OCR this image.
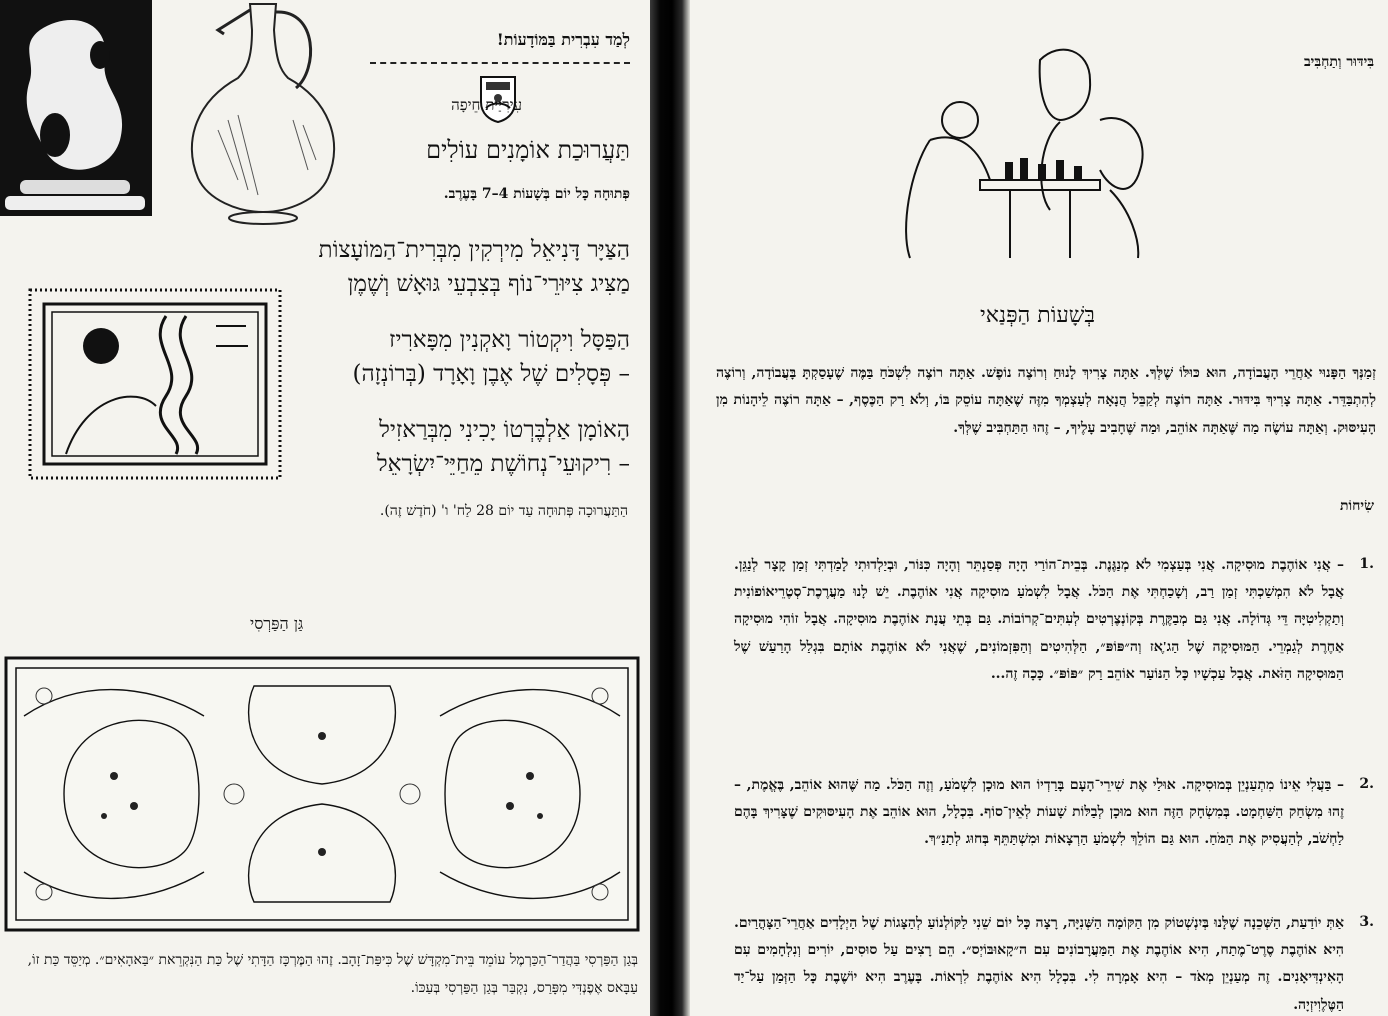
לְמַד עִבְרִית בַּמּוֹדָעוֹת!
עִירִיַּית חֵיפָה
תַּעֲרוּכַת אוֹמָנִים עוֹלִים
פְּתוּחָה כָּל יוֹם בְּשָׁעוֹת 4–7 בָּעֶרֶב.
הַצַּיָּר דָּנִיאֵל מִירְקִין מִבְּרִית־הַמּוֹעָצוֹת
מַצִּיג צִיּוּרֵי־נוֹף בְּצִבְעֵי גּוּאָשׁ וְשֶׁמֶן
הַפַּסָּל וִיקְטוֹר וָאקְנִין מִפָּארִיז
– פְּסָלִים שֶׁל אֶבֶן וָאָרָד (בְּרוֹנְזָה)
הָאוֹמָן אַלְבֶּרְטוֹ יָכִינִי מִבְּרַאזִיל
– רִיקוּעֵי־נְחוֹשֶׁת מֵחַיֵּי־יִשְׂרָאֵל
הַתַּעֲרוּכָה פְּתוּחָה עַד יוֹם 28 לַח' ו' (חֹדֶשׁ זֶה).
גַּן הַפַּרְסִי
בְּגַן הַפַּרְסִי בַּהֲדַר־הַכַּרְמֶל עוֹמֵד בֵּית־מִקְדָּשׁ שֶׁל כִּיפַּת־זָהָב. זֶהוּ הַמֶּרְכָּז הַדָּתִי שֶׁל כַּת הַנִּקְרֵאת ״בַּאהָאִים״. מְיַסֵּד כַּת זוֹ, עַבָּאס אֶפֶנְדִּי מִפָּרַס, נִקְבַּר בְּגַן הַפַּרְסִי בְּעַכּוֹ.
בִּידּוּר וְתַחְבִּיב
בְּשָׁעוֹת הַפְּנַאי
זְמַנְּךָ הַפָּנוּי אַחֲרֵי הָעֲבוֹדָה, הוּא כּוּלּוֹ שֶׁלְּךָ. אַתָּה צָרִיךְ לָנוּחַ וְרוֹצֶה נוֹפֶשׁ. אַתָּה רוֹצֶה לִשְׁכֹּחַ בַּמֶּה שֶׁעָסַקְתָּ בָּעֲבוֹדָה, וְרוֹצֶה לְהִתְבַּדֵּר. אַתָּה צָרִיךְ בִּידּוּר. אַתָּה רוֹצֶה לְקַבֵּל הֲנָאָה לְעַצְמְךָ מִזֶּה שֶׁאַתָּה עוֹסֵק בּוֹ, וְלֹא רַק הַכֶּסֶף, – אַתָּה רוֹצֶה לֵיהָנוֹת מִן הָעִיסּוּק. וְאַתָּה עוֹשֶׂה מַה שֶּׁאַתָּה אוֹהֵב, וּמַה שֶּׁחָבִיב עָלֶיךָ, – זֶהוּ הַתַּחְבִּיב שֶׁלְּךָ.
שִׂיחוֹת
1.
– אֲנִי אוֹהֶבֶת מוּסִיקָה. אֲנִי בְּעַצְמִי לֹא מְנַגֶּנֶת. בְּבֵית־הוֹרַי הָיָה פְּסַנְתֵּר וְהָיָה כִּנּוֹר, וּבְיַלְדוּתִי לָמַדְתִּי זְמַן קָצָר לְנַגֵּן. אֲבָל לֹא הִמְשַׁכְתִּי זְמַן רַב, וְשָׁכַחְתִּי אֶת הַכֹּל. אֲבָל לִשְׁמֹעַ מוּסִיקָה אֲנִי אוֹהֶבֶת. יֵשׁ לָנוּ מַעֲרֶכֶת־סְטֶרֵיאוֹפוֹנִית וְתַקְלִיטִיָּה דֵּי גְּדוֹלָה. אֲנִי גַּם מְבַקֶּרֶת בְּקוֹנְצֶרְטִים לְעִתִּים־קְרוֹבוֹת. גַּם בְּתֵי עֲנָת אוֹהֶבֶת מוּסִיקָה. אֲבָל זוֹהִי מוּסִיקָה אַחֶרֶת לְגַמְרֵי. הַמּוּסִיקָה שֶׁל הַג'ֶאז וְה״פּוֹפּ״, הַלְּהִיטִים וְהַפִּזְמוֹנִים, שֶׁאֲנִי לֹא אוֹהֶבֶת אוֹתָם בִּגְלַל הָרַעַשׁ שֶׁל הַמּוּסִיקָה הַזֹּאת. אֲבָל עַכְשָׁיו כָּל הַנּוֹעַר אוֹהֵב רַק ״פּוֹפּ״. כָּכָה זֶה...
2.
– בַּעֲלִי אֵינוֹ מִתְעַנְיֵן בְּמוּסִיקָה. אוּלַי אֶת שִׁירֵי־הָעָם בָּרַדְיוֹ הוּא מוּכָן לִשְׁמֹעַ, וְזֶה הַכֹּל. מַה שֶּׁהוּא אוֹהֵב, בֶּאֱמֶת, – זֶהוּ מִשְׂחַק הַשַּׁחְמָט. בְּמִשְׂחָק הַזֶּה הוּא מוּכָן לְבַלּוֹת שָׁעוֹת לְאֵין־סוֹף. בִּכְלָל, הוּא אוֹהֵב אֶת הָעִיסּוּקִים שֶׁצָּרִיךְ בָּהֶם לַחְשֹׁב, לְהַעֲסִיק אֶת הַמֹּחַ. הוּא גַּם הוֹלֵךְ לִשְׁמֹעַ הַרְצָאוֹת וּמִשְׁתַּתֵּף בְּחוּג לְתַנַ״ךְ.
3.
אַתְּ יוֹדַעַת, הַשְּׁכֵנָה שֶׁלָּנוּ בְּיִנְשְׁטוֹק מִן הַקּוֹמָה הַשְּׁנִיָּה, רָצָה כָּל יוֹם שֵׁנִי לַקּוֹלְנוֹעַ לְהַצָּגוֹת שֶׁל הַיְלָדִים אַחֲרֵי־הַצָּהֳרַיִם. הִיא אוֹהֶבֶת סֶרֶט־מֶתַח, הִיא אוֹהֶבֶת אֶת הַמַּעֲרָבוֹנִים עִם ה״קָאוּבּוֹיְס״. הֵם רָצִים עַל סוּסִים, יוֹרִים וְנִלְחָמִים עִם הָאִינְדִּיאָנִים. זֶה מְעַנְיֵן מְאֹד – הִיא אָמְרָה לִי. בִּכְלָל הִיא אוֹהֶבֶת לִרְאוֹת. בָּעֶרֶב הִיא יוֹשֶׁבֶת כָּל הַזְּמַן עַל־יַד הַטֶּלֶוִיזְיָה.
